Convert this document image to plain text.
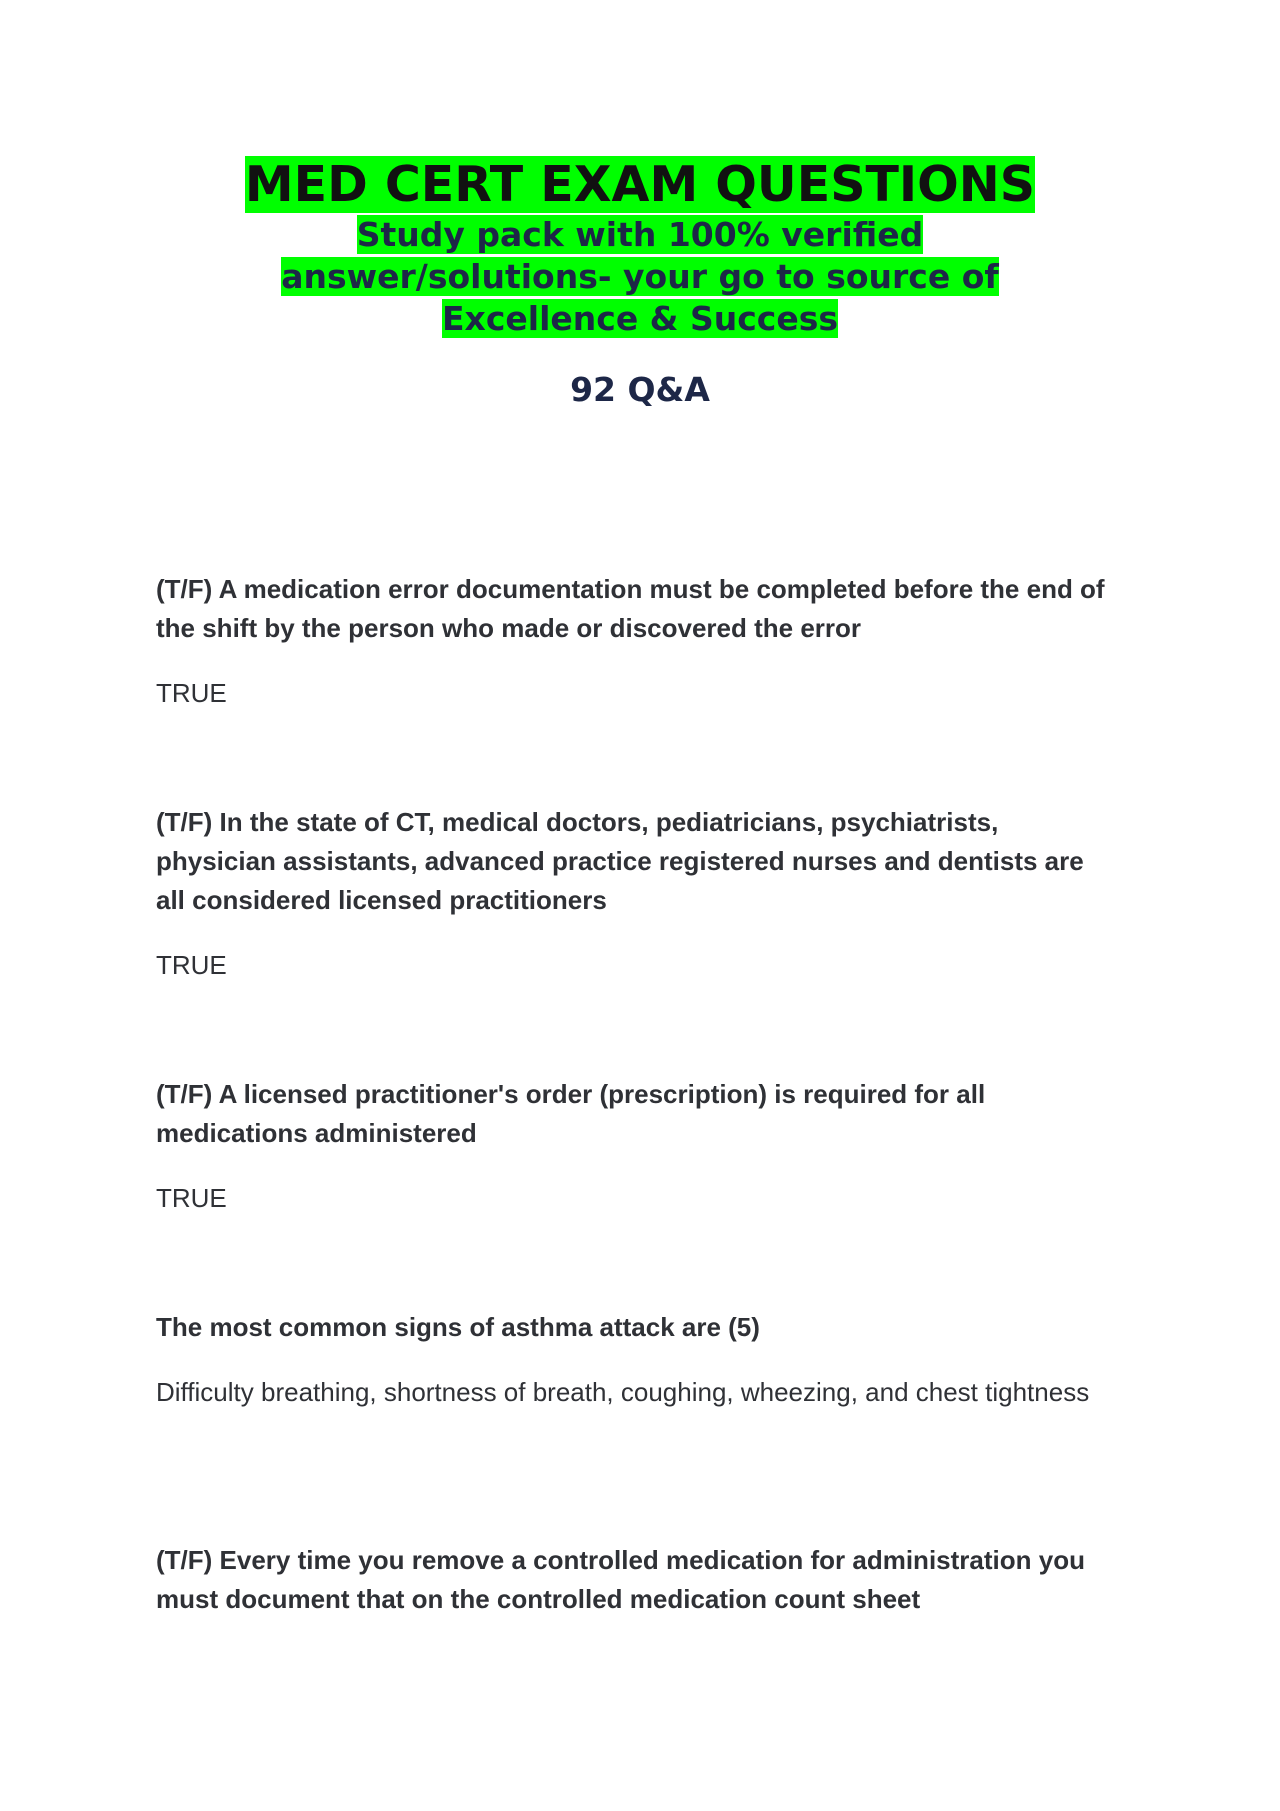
MED CERT EXAM QUESTIONS

Study pack with 100% verified answer/solutions- your go to source of Excellence & Success

92 Q&A

(T/F) A medication error documentation must be completed before the end of the shift by the person who made or discovered the error

TRUE

(T/F) In the state of CT, medical doctors, pediatricians, psychiatrists, physician assistants, advanced practice registered nurses and dentists are all considered licensed practitioners

TRUE

(T/F) A licensed practitioner's order (prescription) is required for all medications administered

TRUE

The most common signs of asthma attack are (5)

Difficulty breathing, shortness of breath, coughing, wheezing, and chest tightness

(T/F) Every time you remove a controlled medication for administration you must document that on the controlled medication count sheet
